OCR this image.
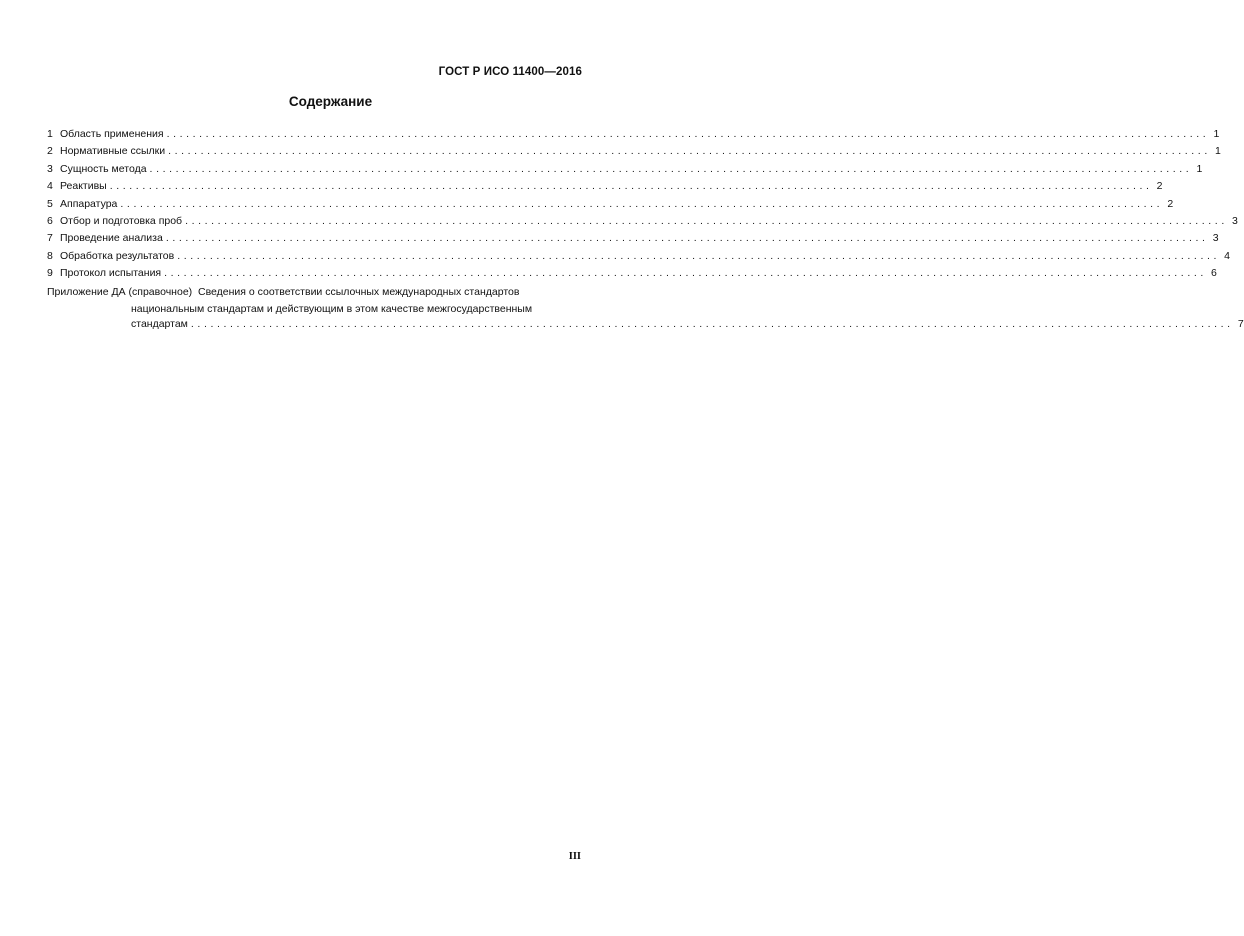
ГОСТ Р ИСО 11400—2016
Содержание
1 Область применения ................................................................................................................................................................ 1
2 Нормативные ссылки ................................................................................................................................................................ 1
3 Сущность метода ................................................................................................................................................................ 1
4 Реактивы ................................................................................................................................................................ 2
5 Аппаратура ................................................................................................................................................................ 2
6 Отбор и подготовка проб ................................................................................................................................................................ 3
7 Проведение анализа ................................................................................................................................................................ 3
8 Обработка результатов ................................................................................................................................................................ 4
9 Протокол испытания ................................................................................................................................................................ 6
Приложение ДА (справочное) Сведения о соответствии ссылочных международных стандартов
национальным стандартам и действующим в этом качестве межгосударственным
стандартам ................................................................................................................................................................ 7
III
